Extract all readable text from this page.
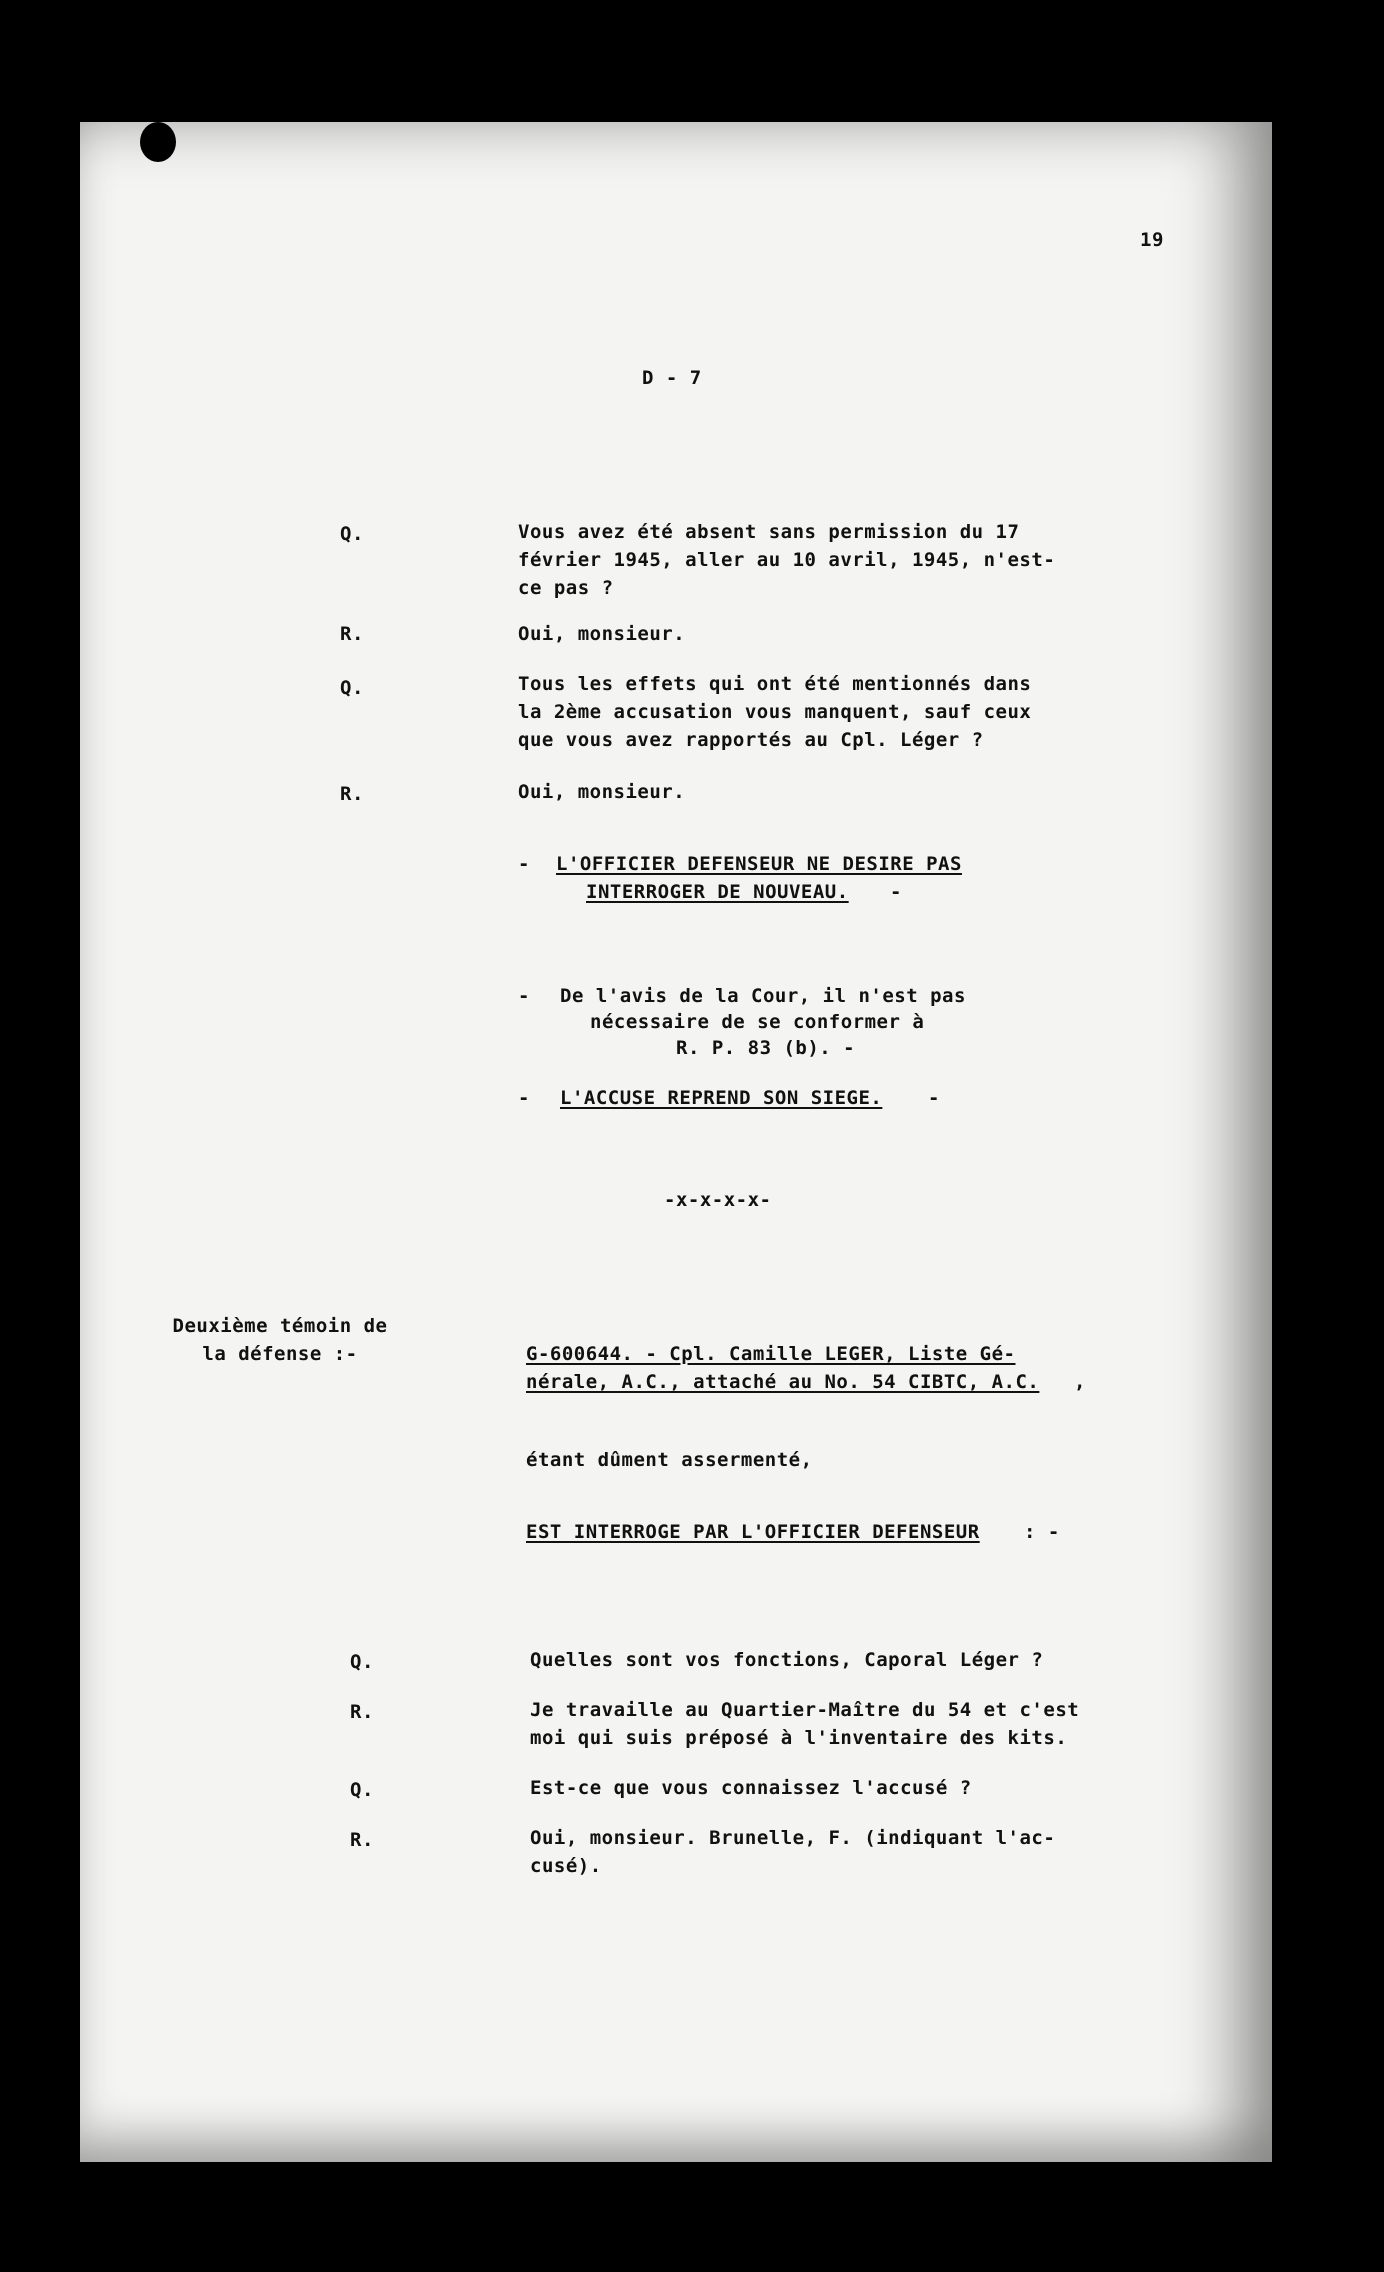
19
D - 7
Q.	Vous avez été absent sans permission du 17
février 1945, aller au 10 avril, 1945, n'est-
ce pas ?
R.	Oui, monsieur.
Q.	Tous les effets qui ont été mentionnés dans
la 2ème accusation vous manquent, sauf ceux
que vous avez rapportés au Cpl. Léger ?
R.	Oui, monsieur.
- L'OFFICIER DEFENSEUR NE DESIRE PAS
INTERROGER DE NOUVEAU. -
- De l'avis de la Cour, il n'est pas
nécessaire de se conformer à
R. P. 83 (b). -
- L'ACCUSE REPREND SON SIEGE. -
-x-x-x-x-
Deuxième témoin de
la défense :-	G-600644. - Cpl. Camille LEGER, Liste Gé-
nérale, A.C., attaché au No. 54 CIBTC, A.C. ,
étant dûment assermenté,
EST INTERROGE PAR L'OFFICIER DEFENSEUR : -
Q.	Quelles sont vos fonctions, Caporal Léger ?
R.	Je travaille au Quartier-Maître du 54 et c'est
moi qui suis préposé à l'inventaire des kits.
Q.	Est-ce que vous connaissez l'accusé ?
R.	Oui, monsieur. Brunelle, F. (indiquant l'ac-
cusé).
